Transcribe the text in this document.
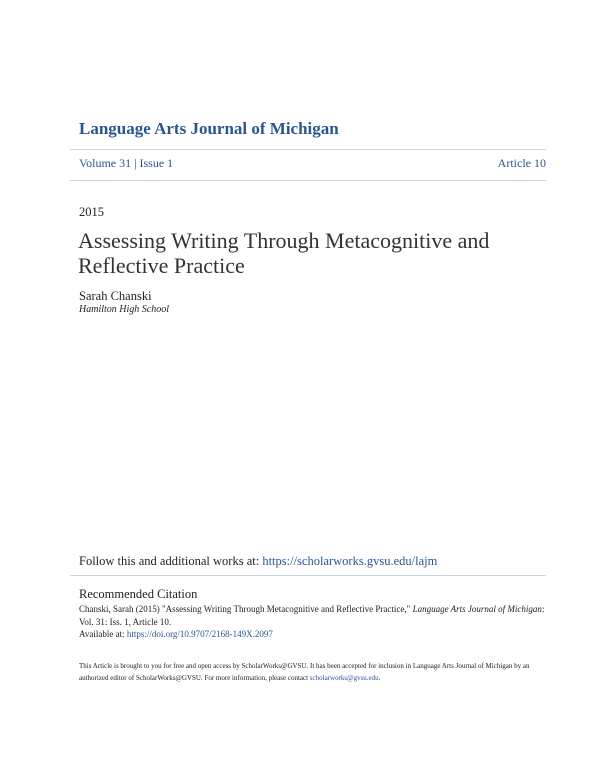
Language Arts Journal of Michigan
Volume 31 | Issue 1	Article 10
2015
Assessing Writing Through Metacognitive and Reflective Practice
Sarah Chanski
Hamilton High School
Follow this and additional works at: https://scholarworks.gvsu.edu/lajm
Recommended Citation
Chanski, Sarah (2015) "Assessing Writing Through Metacognitive and Reflective Practice," Language Arts Journal of Michigan: Vol. 31: Iss. 1, Article 10.
Available at: https://doi.org/10.9707/2168-149X.2097
This Article is brought to you for free and open access by ScholarWorks@GVSU. It has been accepted for inclusion in Language Arts Journal of Michigan by an authorized editor of ScholarWorks@GVSU. For more information, please contact scholarworks@gvsu.edu.
